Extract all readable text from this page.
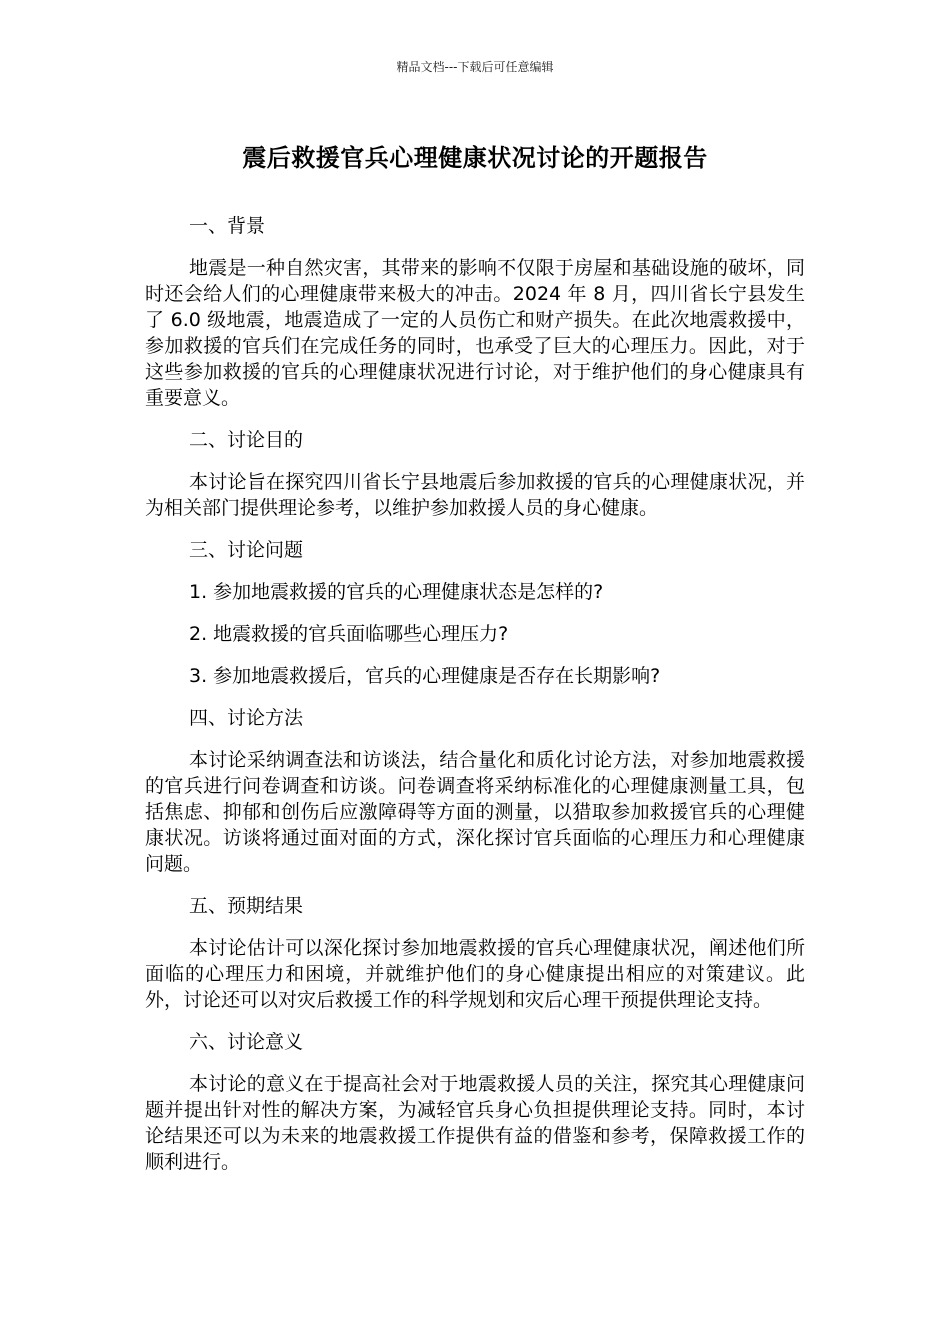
精品文档---下载后可任意编辑
震后救援官兵心理健康状况讨论的开题报告

一、背景

地震是一种自然灾害，其带来的影响不仅限于房屋和基础设施的破坏，同时还会给人们的心理健康带来极大的冲击。2024 年 8 月，四川省长宁县发生了 6.0 级地震，地震造成了一定的人员伤亡和财产损失。在此次地震救援中，参加救援的官兵们在完成任务的同时，也承受了巨大的心理压力。因此，对于这些参加救援的官兵的心理健康状况进行讨论，对于维护他们的身心健康具有重要意义。

二、讨论目的

本讨论旨在探究四川省长宁县地震后参加救援的官兵的心理健康状况，并为相关部门提供理论参考，以维护参加救援人员的身心健康。

三、讨论问题

1. 参加地震救援的官兵的心理健康状态是怎样的?

2. 地震救援的官兵面临哪些心理压力?

3. 参加地震救援后，官兵的心理健康是否存在长期影响?

四、讨论方法

本讨论采纳调查法和访谈法，结合量化和质化讨论方法，对参加地震救援的官兵进行问卷调查和访谈。问卷调查将采纳标准化的心理健康测量工具，包括焦虑、抑郁和创伤后应激障碍等方面的测量，以猎取参加救援官兵的心理健康状况。访谈将通过面对面的方式，深化探讨官兵面临的心理压力和心理健康问题。

五、预期结果

本讨论估计可以深化探讨参加地震救援的官兵心理健康状况，阐述他们所面临的心理压力和困境，并就维护他们的身心健康提出相应的对策建议。此外，讨论还可以对灾后救援工作的科学规划和灾后心理干预提供理论支持。

六、讨论意义

本讨论的意义在于提高社会对于地震救援人员的关注，探究其心理健康问题并提出针对性的解决方案，为减轻官兵身心负担提供理论支持。同时，本讨论结果还可以为未来的地震救援工作提供有益的借鉴和参考，保障救援工作的顺利进行。
